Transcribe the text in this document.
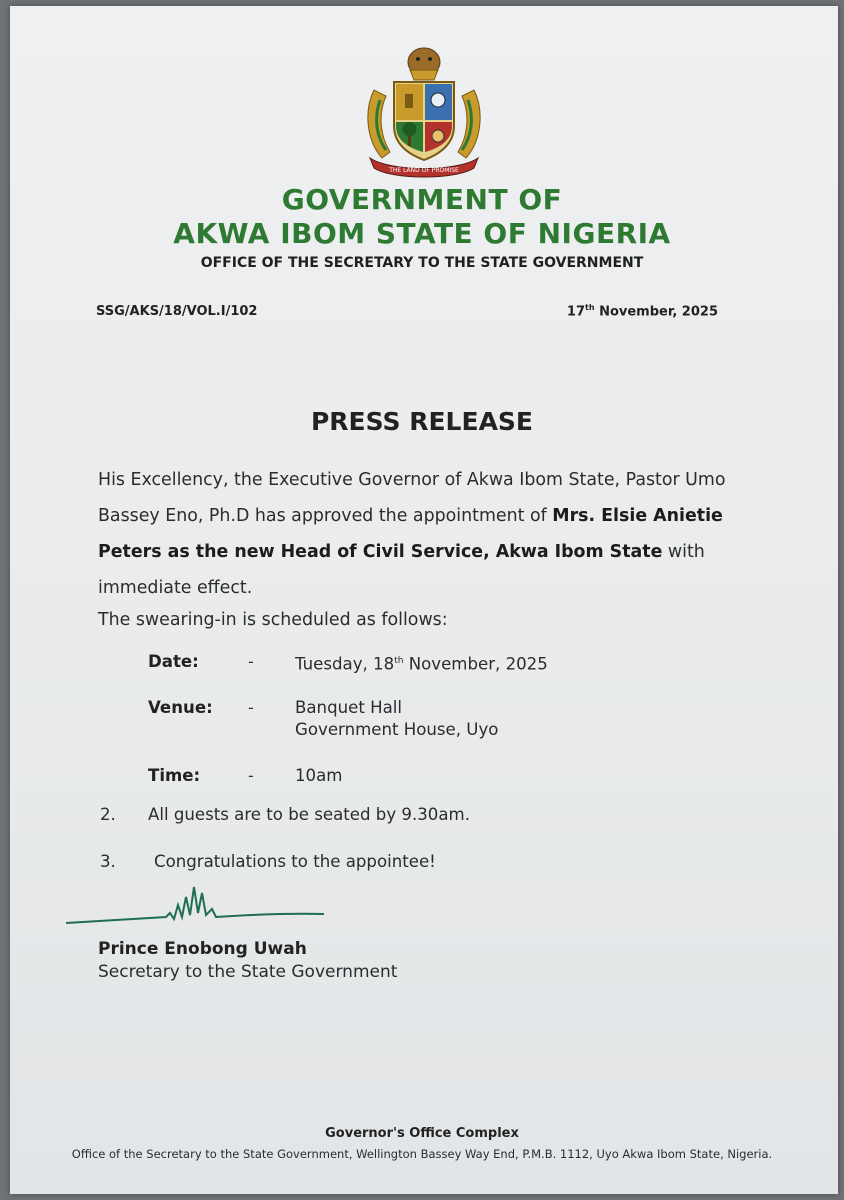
THE LAND OF PROMISE
GOVERNMENT OF
AKWA IBOM STATE OF NIGERIA
OFFICE OF THE SECRETARY TO THE STATE GOVERNMENT
SSG/AKS/18/VOL.I/102	17th November, 2025
PRESS RELEASE
His Excellency, the Executive Governor of Akwa Ibom State, Pastor Umo Bassey Eno, Ph.D has approved the appointment of Mrs. Elsie Anietie Peters as the new Head of Civil Service, Akwa Ibom State with immediate effect.
The swearing-in is scheduled as follows:
Date:	- Tuesday, 18th November, 2025
Venue: - Banquet Hall
Government House, Uyo
Time:	- 10am
2. All guests are to be seated by 9.30am.
3. Congratulations to the appointee!
Prince Enobong Uwah
Secretary to the State Government
Governor's Office Complex
Office of the Secretary to the State Government, Wellington Bassey Way End, P.M.B. 1112, Uyo Akwa Ibom State, Nigeria.
